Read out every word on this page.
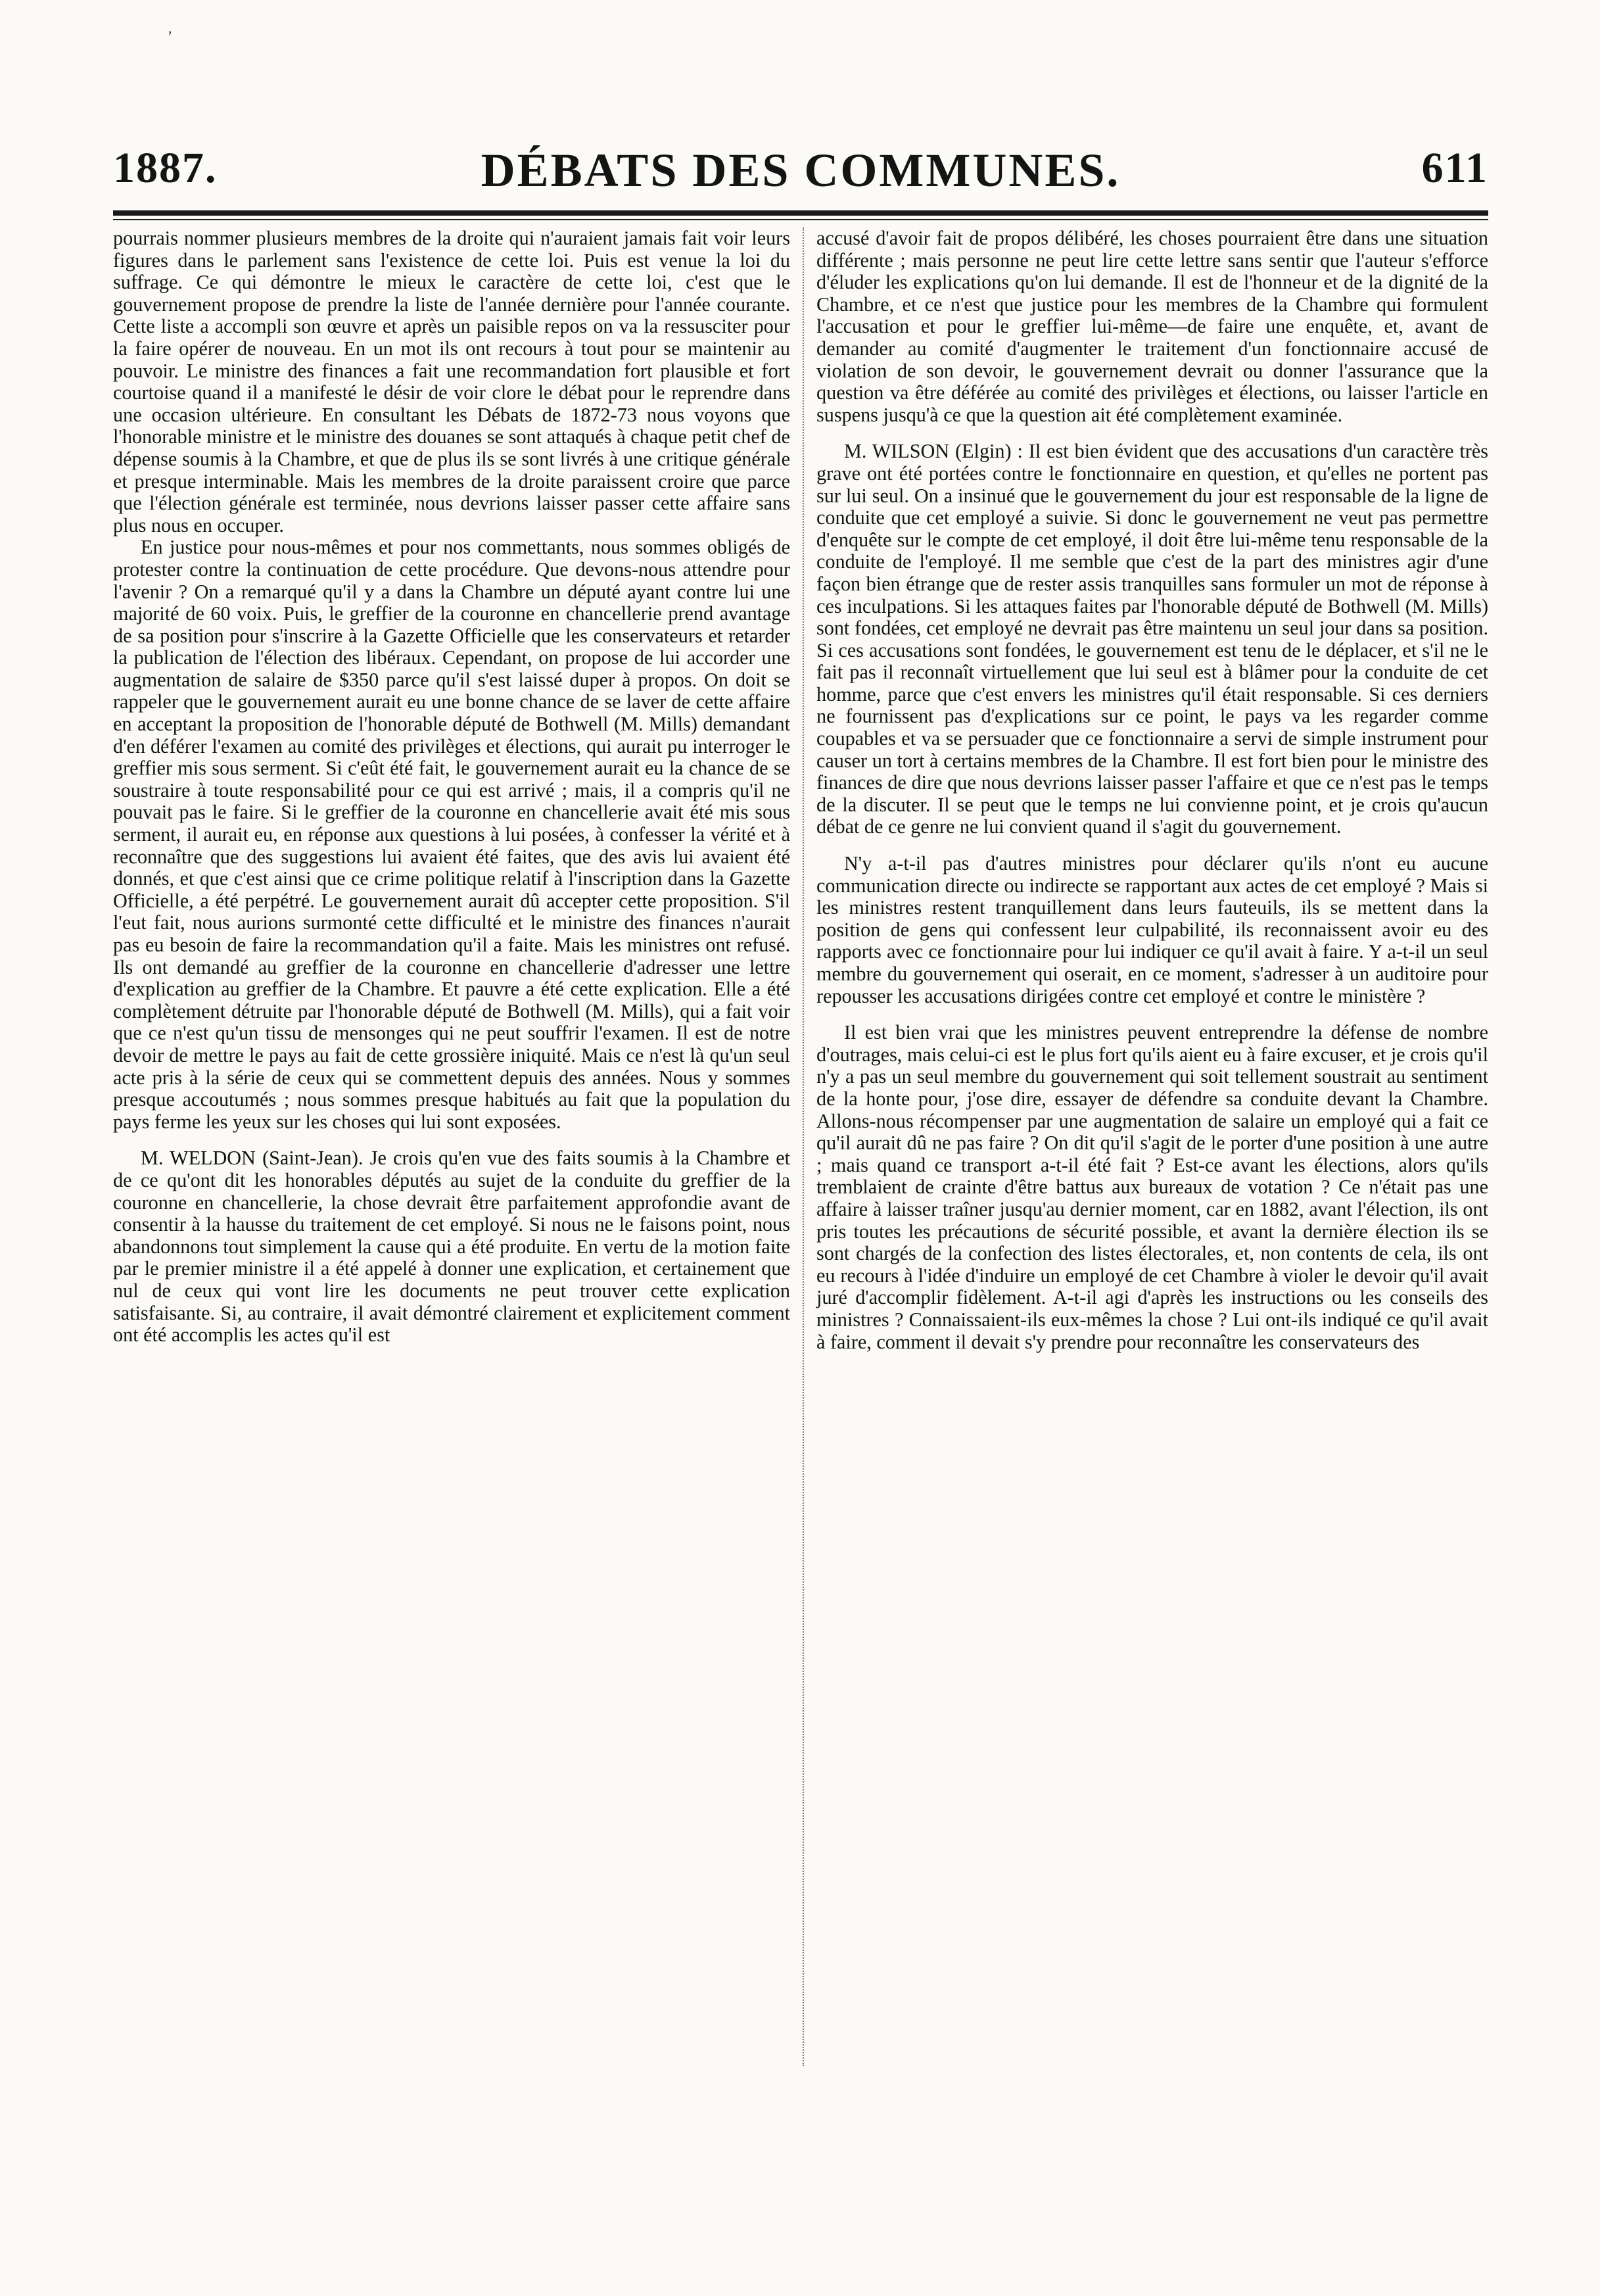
1887.	DÉBATS DES COMMUNES.	611

pourrais nommer plusieurs membres de la droite qui n'auraient jamais fait voir leurs figures dans le parlement sans l'existence de cette loi. Puis est venue la loi du suffrage. Ce qui démontre le mieux le caractère de cette loi, c'est que le gouvernement propose de prendre la liste de l'année dernière pour l'année courante. Cette liste a accompli son œuvre et après un paisible repos on va la ressusciter pour la faire opérer de nouveau. En un mot ils ont recours à tout pour se maintenir au pouvoir. Le ministre des finances a fait une recommandation fort plausible et fort courtoise quand il a manifesté le désir de voir clore le débat pour le reprendre dans une occasion ultérieure. En consultant les Débats de 1872-73 nous voyons que l'honorable ministre et le ministre des douanes se sont attaqués à chaque petit chef de dépense soumis à la Chambre, et que de plus ils se sont livrés à une critique générale et presque interminable. Mais les membres de la droite paraissent croire que parce que l'élection générale est terminée, nous devrions laisser passer cette affaire sans plus nous en occuper.

En justice pour nous-mêmes et pour nos commettants, nous sommes obligés de protester contre la continuation de cette procédure. Que devons-nous attendre pour l'avenir ? On a remarqué qu'il y a dans la Chambre un député ayant contre lui une majorité de 60 voix. Puis, le greffier de la couronne en chancellerie prend avantage de sa position pour s'inscrire à la Gazette Officielle que les conservateurs et retarder la publication de l'élection des libéraux. Cependant, on propose de lui accorder une augmentation de salaire de $350 parce qu'il s'est laissé duper à propos. On doit se rappeler que le gouvernement aurait eu une bonne chance de se laver de cette affaire en acceptant la proposition de l'honorable député de Bothwell (M. Mills) demandant d'en déférer l'examen au comité des privilèges et élections, qui aurait pu interroger le greffier mis sous serment. Si c'eût été fait, le gouvernement aurait eu la chance de se soustraire à toute responsabilité pour ce qui est arrivé ; mais, il a compris qu'il ne pouvait pas le faire. Si le greffier de la couronne en chancellerie avait été mis sous serment, il aurait eu, en réponse aux questions à lui posées, à confesser la vérité et à reconnaître que des suggestions lui avaient été faites, que des avis lui avaient été donnés, et que c'est ainsi que ce crime politique relatif à l'inscription dans la Gazette Officielle, a été perpétré. Le gouvernement aurait dû accepter cette proposition. S'il l'eut fait, nous aurions surmonté cette difficulté et le ministre des finances n'aurait pas eu besoin de faire la recommandation qu'il a faite. Mais les ministres ont refusé. Ils ont demandé au greffier de la couronne en chancellerie d'adresser une lettre d'explication au greffier de la Chambre. Et pauvre a été cette explication. Elle a été complètement détruite par l'honorable député de Bothwell (M. Mills), qui a fait voir que ce n'est qu'un tissu de mensonges qui ne peut souffrir l'examen. Il est de notre devoir de mettre le pays au fait de cette grossière iniquité. Mais ce n'est là qu'un seul acte pris à la série de ceux qui se commettent depuis des années. Nous y sommes presque accoutumés ; nous sommes presque habitués au fait que la population du pays ferme les yeux sur les choses qui lui sont exposées.

M. WELDON (Saint-Jean). Je crois qu'en vue des faits soumis à la Chambre et de ce qu'ont dit les honorables députés au sujet de la conduite du greffier de la couronne en chancellerie, la chose devrait être parfaitement approfondie avant de consentir à la hausse du traitement de cet employé. Si nous ne le faisons point, nous abandonnons tout simplement la cause qui a été produite. En vertu de la motion faite par le premier ministre il a été appelé à donner une explication, et certainement que nul de ceux qui vont lire les documents ne peut trouver cette explication satisfaisante. Si, au contraire, il avait démontré clairement et explicitement comment ont été accomplis les actes qu'il est

accusé d'avoir fait de propos délibéré, les choses pourraient être dans une situation différente ; mais personne ne peut lire cette lettre sans sentir que l'auteur s'efforce d'éluder les explications qu'on lui demande. Il est de l'honneur et de la dignité de la Chambre, et ce n'est que justice pour les membres de la Chambre qui formulent l'accusation et pour le greffier lui-même—de faire une enquête, et, avant de demander au comité d'augmenter le traitement d'un fonctionnaire accusé de violation de son devoir, le gouvernement devrait ou donner l'assurance que la question va être déférée au comité des privilèges et élections, ou laisser l'article en suspens jusqu'à ce que la question ait été complètement examinée.

M. WILSON (Elgin) : Il est bien évident que des accusations d'un caractère très grave ont été portées contre le fonctionnaire en question, et qu'elles ne portent pas sur lui seul. On a insinué que le gouvernement du jour est responsable de la ligne de conduite que cet employé a suivie. Si donc le gouvernement ne veut pas permettre d'enquête sur le compte de cet employé, il doit être lui-même tenu responsable de la conduite de l'employé. Il me semble que c'est de la part des ministres agir d'une façon bien étrange que de rester assis tranquilles sans formuler un mot de réponse à ces inculpations. Si les attaques faites par l'honorable député de Bothwell (M. Mills) sont fondées, cet employé ne devrait pas être maintenu un seul jour dans sa position. Si ces accusations sont fondées, le gouvernement est tenu de le déplacer, et s'il ne le fait pas il reconnaît virtuellement que lui seul est à blâmer pour la conduite de cet homme, parce que c'est envers les ministres qu'il était responsable. Si ces derniers ne fournissent pas d'explications sur ce point, le pays va les regarder comme coupables et va se persuader que ce fonctionnaire a servi de simple instrument pour causer un tort à certains membres de la Chambre. Il est fort bien pour le ministre des finances de dire que nous devrions laisser passer l'affaire et que ce n'est pas le temps de la discuter. Il se peut que le temps ne lui convienne point, et je crois qu'aucun débat de ce genre ne lui convient quand il s'agit du gouvernement.

N'y a-t-il pas d'autres ministres pour déclarer qu'ils n'ont eu aucune communication directe ou indirecte se rapportant aux actes de cet employé ? Mais si les ministres restent tranquillement dans leurs fauteuils, ils se mettent dans la position de gens qui confessent leur culpabilité, ils reconnaissent avoir eu des rapports avec ce fonctionnaire pour lui indiquer ce qu'il avait à faire. Y a-t-il un seul membre du gouvernement qui oserait, en ce moment, s'adresser à un auditoire pour repousser les accusations dirigées contre cet employé et contre le ministère ?

Il est bien vrai que les ministres peuvent entreprendre la défense de nombre d'outrages, mais celui-ci est le plus fort qu'ils aient eu à faire excuser, et je crois qu'il n'y a pas un seul membre du gouvernement qui soit tellement soustrait au sentiment de la honte pour, j'ose dire, essayer de défendre sa conduite devant la Chambre. Allons-nous récompenser par une augmentation de salaire un employé qui a fait ce qu'il aurait dû ne pas faire ? On dit qu'il s'agit de le porter d'une position à une autre ; mais quand ce transport a-t-il été fait ? Est-ce avant les élections, alors qu'ils tremblaient de crainte d'être battus aux bureaux de votation ? Ce n'était pas une affaire à laisser traîner jusqu'au dernier moment, car en 1882, avant l'élection, ils ont pris toutes les précautions de sécurité possible, et avant la dernière élection ils se sont chargés de la confection des listes électorales, et, non contents de cela, ils ont eu recours à l'idée d'induire un employé de cet Chambre à violer le devoir qu'il avait juré d'accomplir fidèlement. A-t-il agi d'après les instructions ou les conseils des ministres ? Connaissaient-ils eux-mêmes la chose ? Lui ont-ils indiqué ce qu'il avait à faire, comment il devait s'y prendre pour reconnaître les conservateurs des

,
